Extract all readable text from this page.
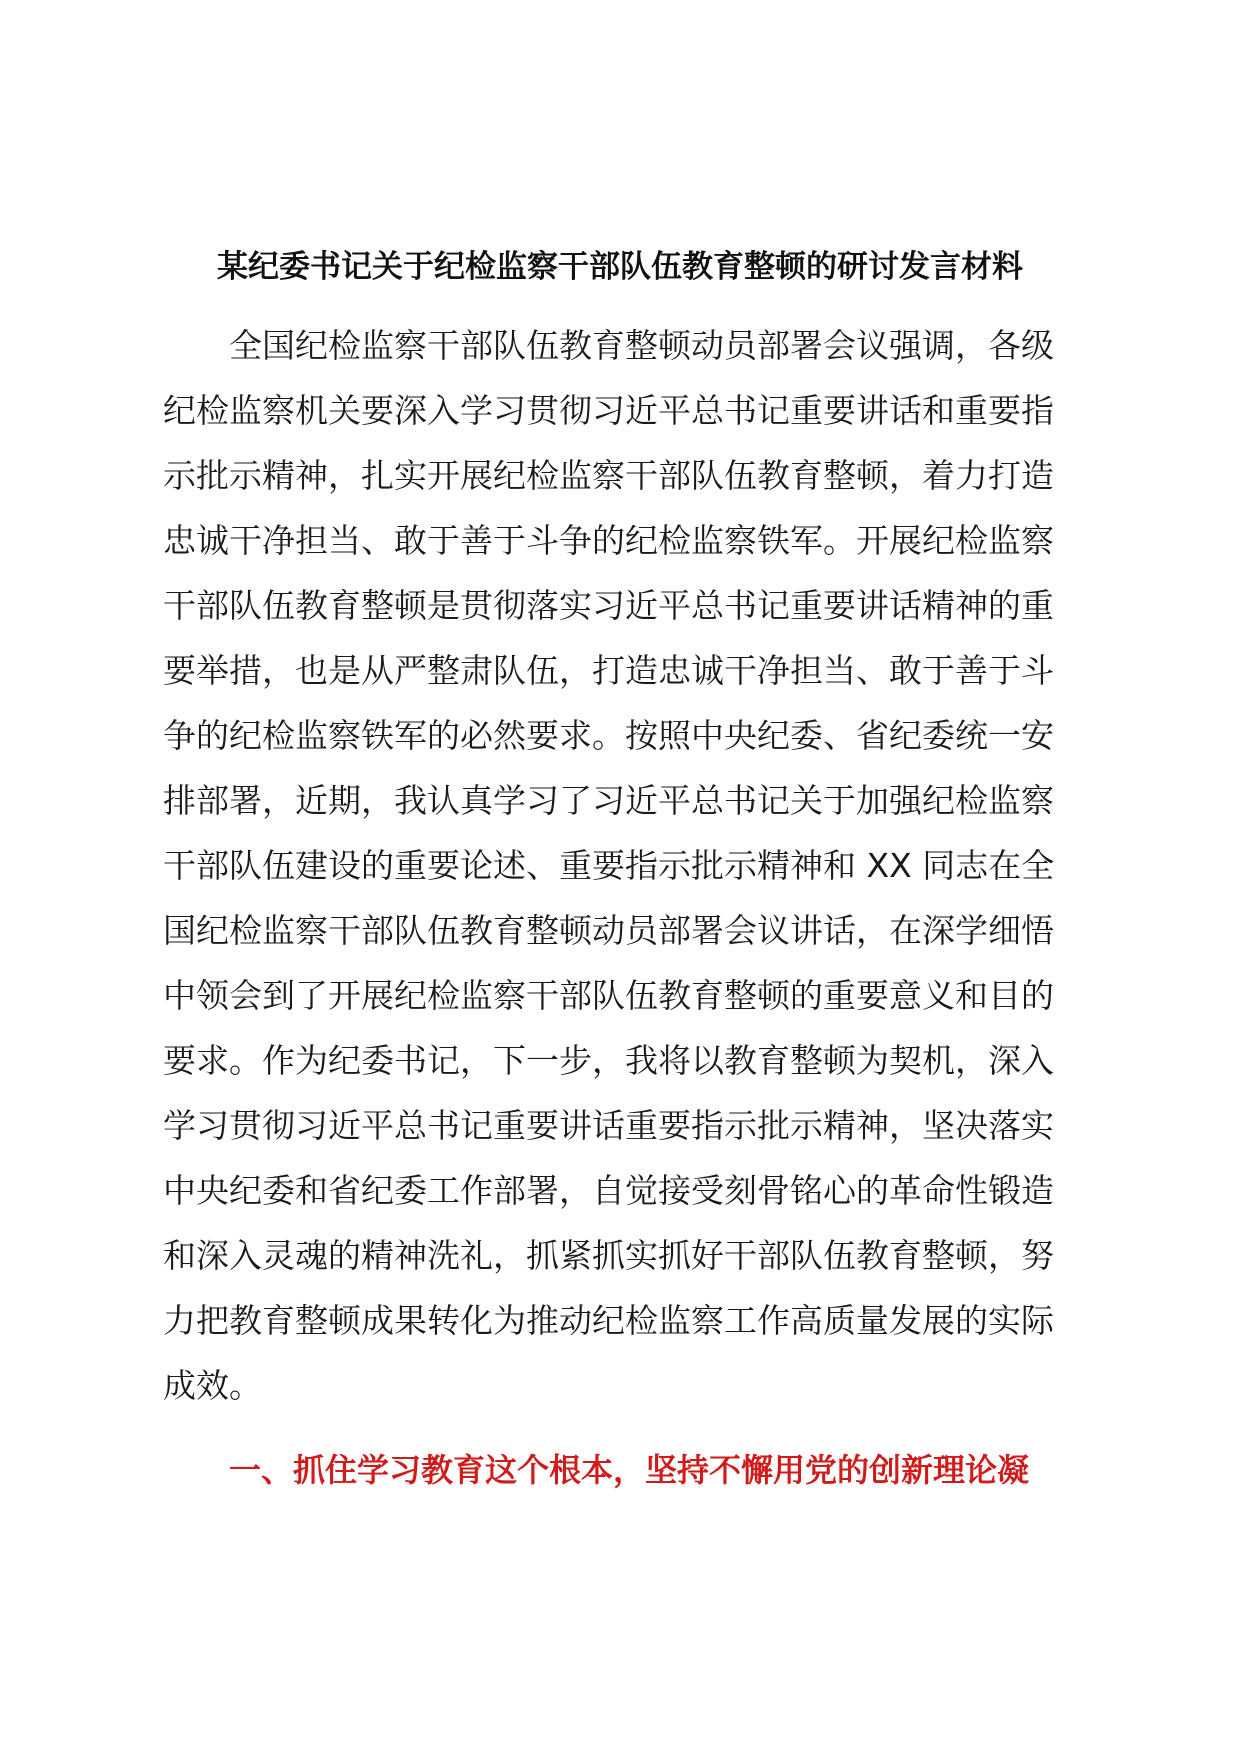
某纪委书记关于纪检监察干部队伍教育整顿的研讨发言材料
全国纪检监察干部队伍教育整顿动员部署会议强调，各级
纪检监察机关要深入学习贯彻习近平总书记重要讲话和重要指
示批示精神，扎实开展纪检监察干部队伍教育整顿，着力打造
忠诚干净担当、敢于善于斗争的纪检监察铁军。开展纪检监察
干部队伍教育整顿是贯彻落实习近平总书记重要讲话精神的重
要举措，也是从严整肃队伍，打造忠诚干净担当、敢于善于斗
争的纪检监察铁军的必然要求。按照中央纪委、省纪委统一安
排部署，近期，我认真学习了习近平总书记关于加强纪检监察
干部队伍建设的重要论述、重要指示批示精神和 XX 同志在全
国纪检监察干部队伍教育整顿动员部署会议讲话，在深学细悟
中领会到了开展纪检监察干部队伍教育整顿的重要意义和目的
要求。作为纪委书记，下一步，我将以教育整顿为契机，深入
学习贯彻习近平总书记重要讲话重要指示批示精神，坚决落实
中央纪委和省纪委工作部署，自觉接受刻骨铭心的革命性锻造
和深入灵魂的精神洗礼，抓紧抓实抓好干部队伍教育整顿，努
力把教育整顿成果转化为推动纪检监察工作高质量发展的实际
成效。
一、抓住学习教育这个根本，坚持不懈用党的创新理论凝
